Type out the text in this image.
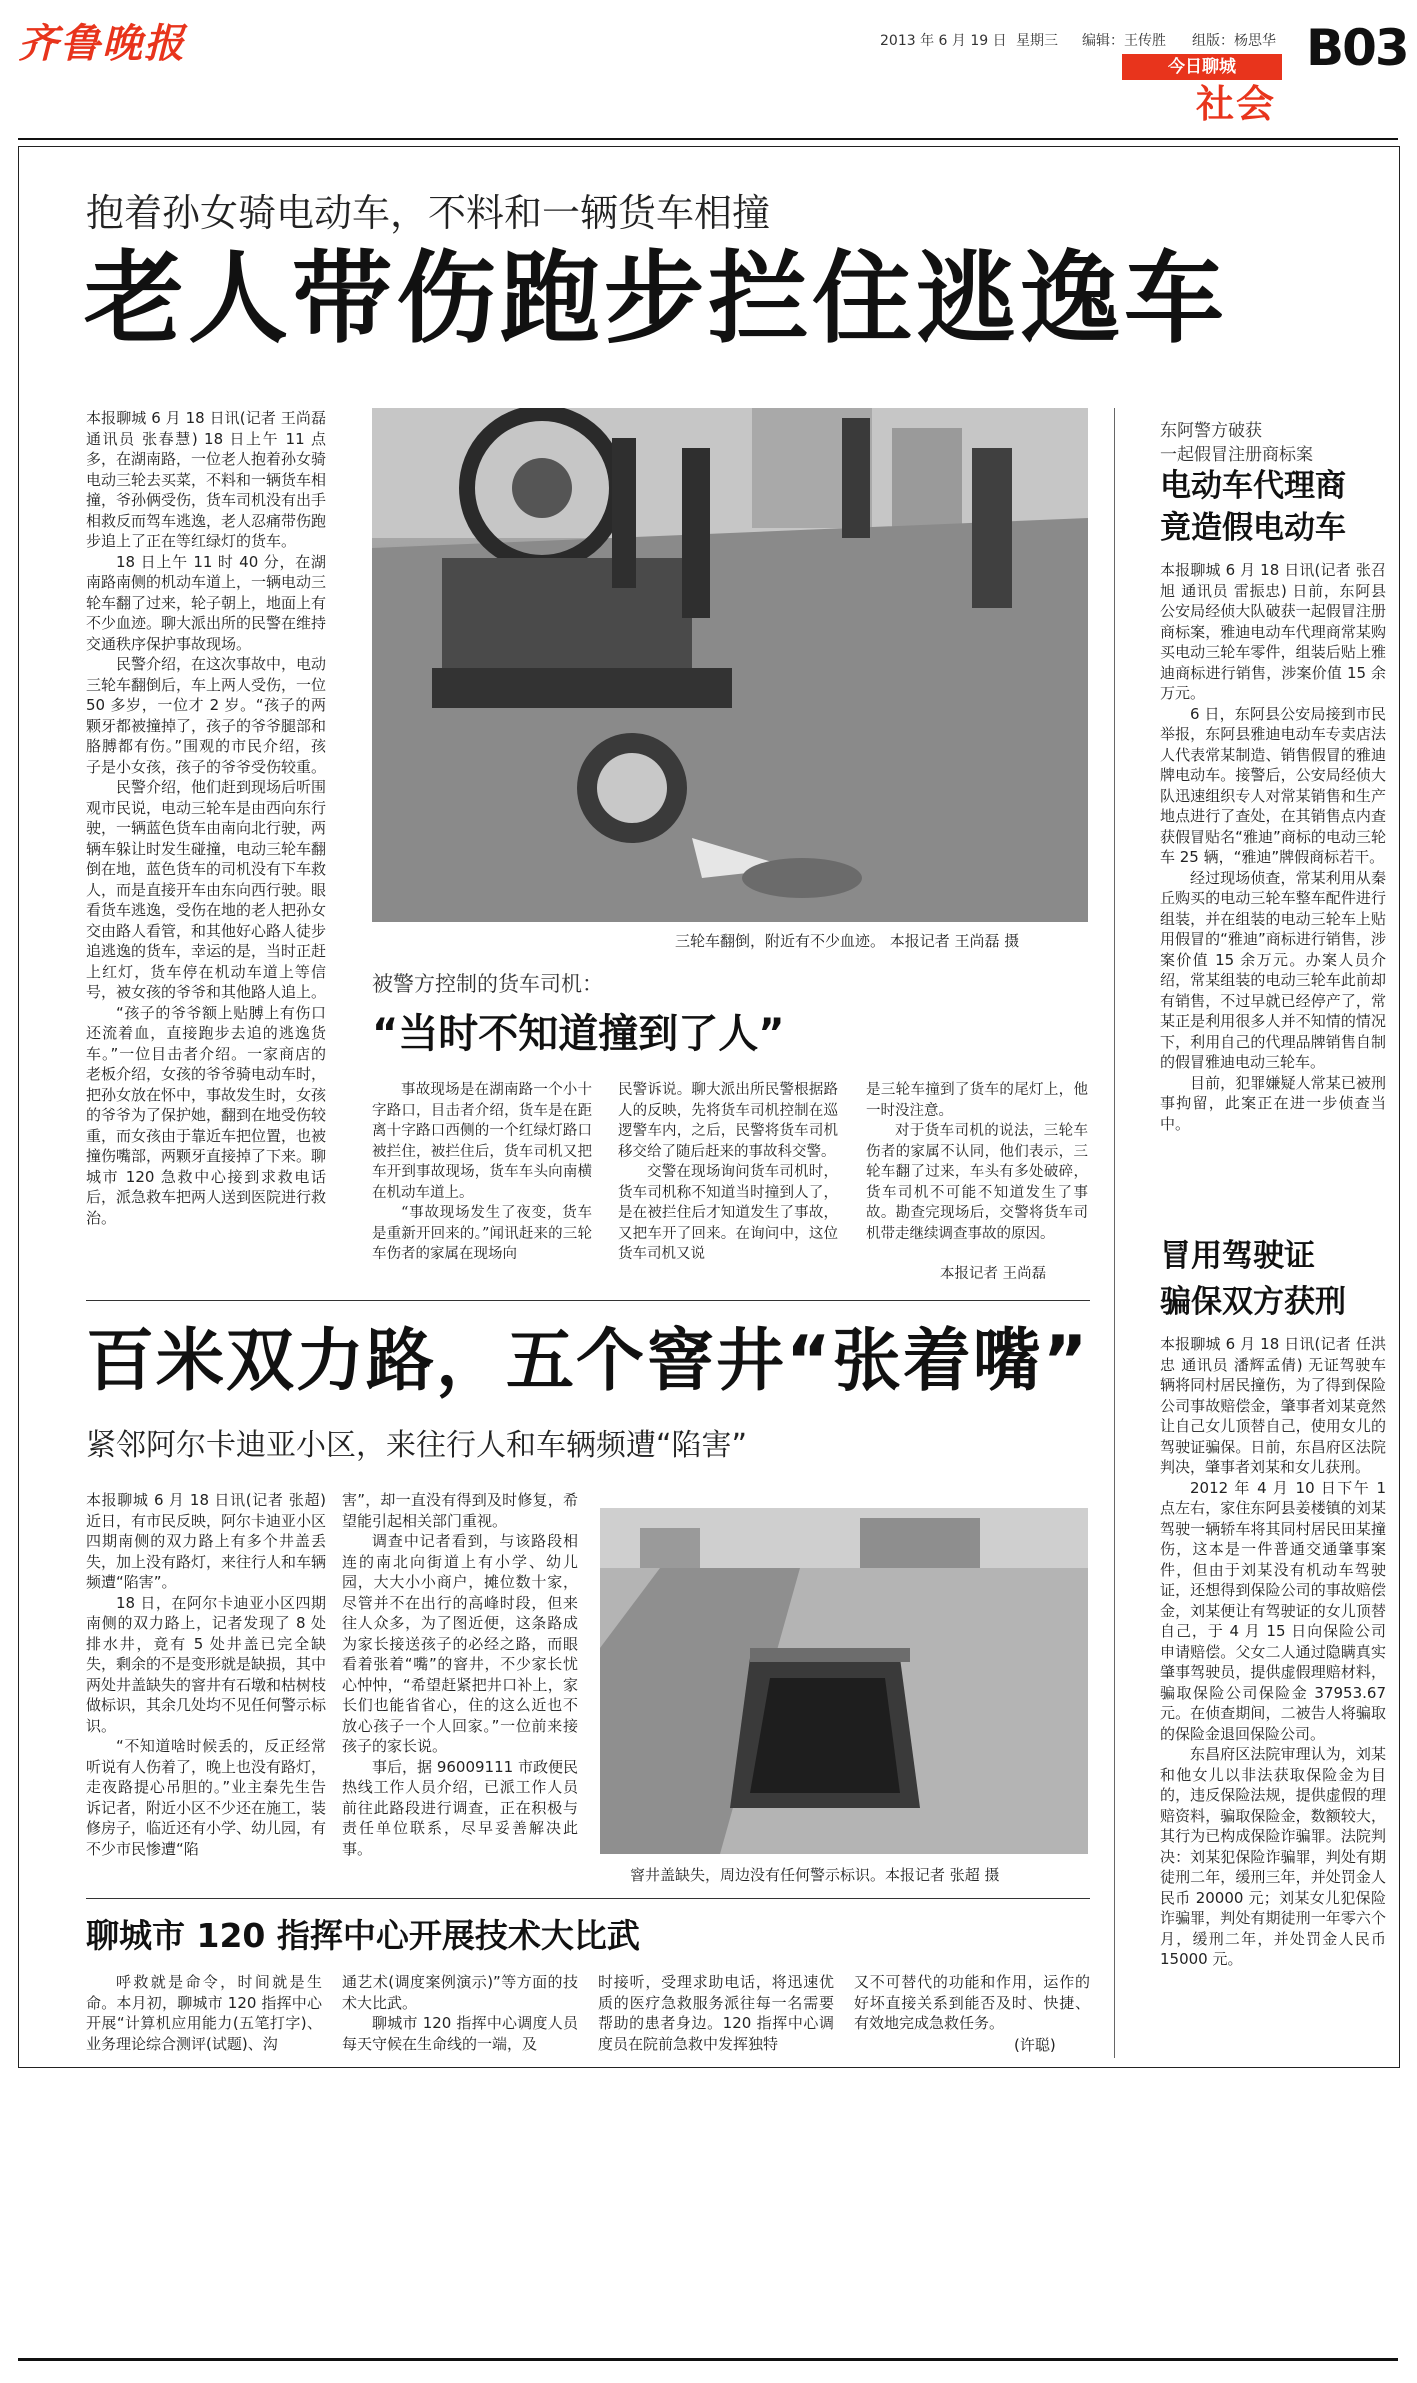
齐鲁晚报	2013 年 6 月 19 日 星期三 编辑：王传胜 组版：杨思华
今日聊城
社会
B03
抱着孙女骑电动车，不料和一辆货车相撞
老人带伤跑步拦住逃逸车

本报聊城 6 月 18 日讯(记者 王尚磊 通讯员 张春慧) 18 日上午 11 点多，在湖南路，一位老人抱着孙女骑电动三轮去买菜，不料和一辆货车相撞，爷孙俩受伤，货车司机没有出手相救反而驾车逃逸，老人忍痛带伤跑步追上了正在等红绿灯的货车。

18 日上午 11 时 40 分，在湖南路南侧的机动车道上，一辆电动三轮车翻了过来，轮子朝上，地面上有不少血迹。聊大派出所的民警在维持交通秩序保护事故现场。

民警介绍，在这次事故中，电动三轮车翻倒后，车上两人受伤，一位 50 多岁，一位才 2 岁。“孩子的两颗牙都被撞掉了，孩子的爷爷腿部和胳膊都有伤。”围观的市民介绍，孩子是小女孩，孩子的爷爷受伤较重。

民警介绍，他们赶到现场后听围观市民说，电动三轮车是由西向东行驶，一辆蓝色货车由南向北行驶，两辆车躲让时发生碰撞，电动三轮车翻倒在地，蓝色货车的司机没有下车救人，而是直接开车由东向西行驶。眼看货车逃逸，受伤在地的老人把孙女交由路人看管，和其他好心路人徒步追逃逸的货车，幸运的是，当时正赶上红灯，货车停在机动车道上等信号，被女孩的爷爷和其他路人追上。

“孩子的爷爷额上贴膊上有伤口还流着血，直接跑步去追的逃逸货车。”一位目击者介绍。一家商店的老板介绍，女孩的爷爷骑电动车时，把孙女放在怀中，事故发生时，女孩的爷爷为了保护她，翻到在地受伤较重，而女孩由于靠近车把位置，也被撞伤嘴部，两颗牙直接掉了下来。聊城市 120 急救中心接到求救电话后，派急救车把两人送到医院进行救治。

三轮车翻倒，附近有不少血迹。 本报记者 王尚磊 摄
被警方控制的货车司机：
“当时不知道撞到了人”

事故现场是在湖南路一个小十字路口，目击者介绍，货车是在距离十字路口西侧的一个红绿灯路口被拦住，被拦住后，货车司机又把车开到事故现场，货车车头向南横在机动车道上。

“事故现场发生了夜变，货车是重新开回来的。”闻讯赶来的三轮车伤者的家属在现场向

民警诉说。聊大派出所民警根据路人的反映，先将货车司机控制在巡逻警车内，之后，民警将货车司机移交给了随后赶来的事故科交警。

交警在现场询问货车司机时，货车司机称不知道当时撞到人了，是在被拦住后才知道发生了事故，又把车开了回来。在询问中，这位货车司机又说

是三轮车撞到了货车的尾灯上，他一时没注意。

对于货车司机的说法，三轮车伤者的家属不认同，他们表示，三轮车翻了过来，车头有多处破碎，货车司机不可能不知道发生了事故。勘查完现场后，交警将货车司机带走继续调查事故的原因。

本报记者 王尚磊
东阿警方破获
一起假冒注册商标案
电动车代理商
竟造假电动车

本报聊城 6 月 18 日讯(记者 张召旭 通讯员 雷振忠) 日前，东阿县公安局经侦大队破获一起假冒注册商标案，雅迪电动车代理商常某购买电动三轮车零件，组装后贴上雅迪商标进行销售，涉案价值 15 余万元。

6 日，东阿县公安局接到市民举报，东阿县雅迪电动车专卖店法人代表常某制造、销售假冒的雅迪牌电动车。接警后，公安局经侦大队迅速组织专人对常某销售和生产地点进行了查处，在其销售点内查获假冒贴名“雅迪”商标的电动三轮车 25 辆，“雅迪”牌假商标若干。

经过现场侦查，常某利用从秦丘购买的电动三轮车整车配件进行组装，并在组装的电动三轮车上贴用假冒的“雅迪”商标进行销售，涉案价值 15 余万元。办案人员介绍，常某组装的电动三轮车此前却有销售，不过早就已经停产了，常某正是利用很多人并不知情的情况下，利用自己的代理品牌销售自制的假冒雅迪电动三轮车。

目前，犯罪嫌疑人常某已被刑事拘留，此案正在进一步侦查当中。

冒用驾驶证
骗保双方获刑

本报聊城 6 月 18 日讯(记者 任洪忠 通讯员 潘辉孟倩) 无证驾驶车辆将同村居民撞伤，为了得到保险公司事故赔偿金，肇事者刘某竟然让自己女儿顶替自己，使用女儿的驾驶证骗保。日前，东昌府区法院判决，肇事者刘某和女儿获刑。

2012 年 4 月 10 日下午 1 点左右，家住东阿县姜楼镇的刘某驾驶一辆轿车将其同村居民田某撞伤，这本是一件普通交通肇事案件，但由于刘某没有机动车驾驶证，还想得到保险公司的事故赔偿金，刘某便让有驾驶证的女儿顶替自己，于 4 月 15 日向保险公司申请赔偿。父女二人通过隐瞒真实肇事驾驶员，提供虚假理赔材料，骗取保险公司保险金 37953.67 元。在侦查期间，二被告人将骗取的保险金退回保险公司。

东昌府区法院审理认为，刘某和他女儿以非法获取保险金为目的，违反保险法规，提供虚假的理赔资料，骗取保险金，数额较大，其行为已构成保险诈骗罪。法院判决：刘某犯保险诈骗罪，判处有期徒刑二年，缓刑三年，并处罚金人民币 20000 元；刘某女儿犯保险诈骗罪，判处有期徒刑一年零六个月，缓刑二年，并处罚金人民币 15000 元。

百米双力路，五个窨井“张着嘴”
紧邻阿尔卡迪亚小区，来往行人和车辆频遭“陷害”

本报聊城 6 月 18 日讯(记者 张超) 近日，有市民反映，阿尔卡迪亚小区四期南侧的双力路上有多个井盖丢失，加上没有路灯，来往行人和车辆频遭“陷害”。

18 日，在阿尔卡迪亚小区四期南侧的双力路上，记者发现了 8 处排水井，竟有 5 处井盖已完全缺失，剩余的不是变形就是缺损，其中两处井盖缺失的窨井有石墩和枯树枝做标识，其余几处均不见任何警示标识。

“不知道啥时候丢的，反正经常听说有人伤着了，晚上也没有路灯，走夜路提心吊胆的。”业主秦先生告诉记者，附近小区不少还在施工，装修房子，临近还有小学、幼儿园，有不少市民惨遭“陷

害”，却一直没有得到及时修复，希望能引起相关部门重视。

调查中记者看到，与该路段相连的南北向街道上有小学、幼儿园，大大小小商户，摊位数十家，尽管并不在出行的高峰时段，但来往人众多，为了图近便，这条路成为家长接送孩子的必经之路，而眼看着张着“嘴”的窨井，不少家长忧心忡忡，“希望赶紧把井口补上，家长们也能省省心，住的这么近也不放心孩子一个人回家。”一位前来接孩子的家长说。

事后，据 96009111 市政便民热线工作人员介绍，已派工作人员前往此路段进行调查，正在积极与责任单位联系，尽早妥善解决此事。

窨井盖缺失，周边没有任何警示标识。本报记者 张超 摄
聊城市 120 指挥中心开展技术大比武

呼救就是命令，时间就是生命。本月初，聊城市 120 指挥中心开展“计算机应用能力(五笔打字)、业务理论综合测评(试题)、沟

通艺术(调度案例演示)”等方面的技术大比武。

聊城市 120 指挥中心调度人员每天守候在生命线的一端，及

时接听，受理求助电话，将迅速优质的医疗急救服务派往每一名需要帮助的患者身边。120 指挥中心调度员在院前急救中发挥独特

又不可替代的功能和作用，运作的好坏直接关系到能否及时、快捷、有效地完成急救任务。

(许聪)
